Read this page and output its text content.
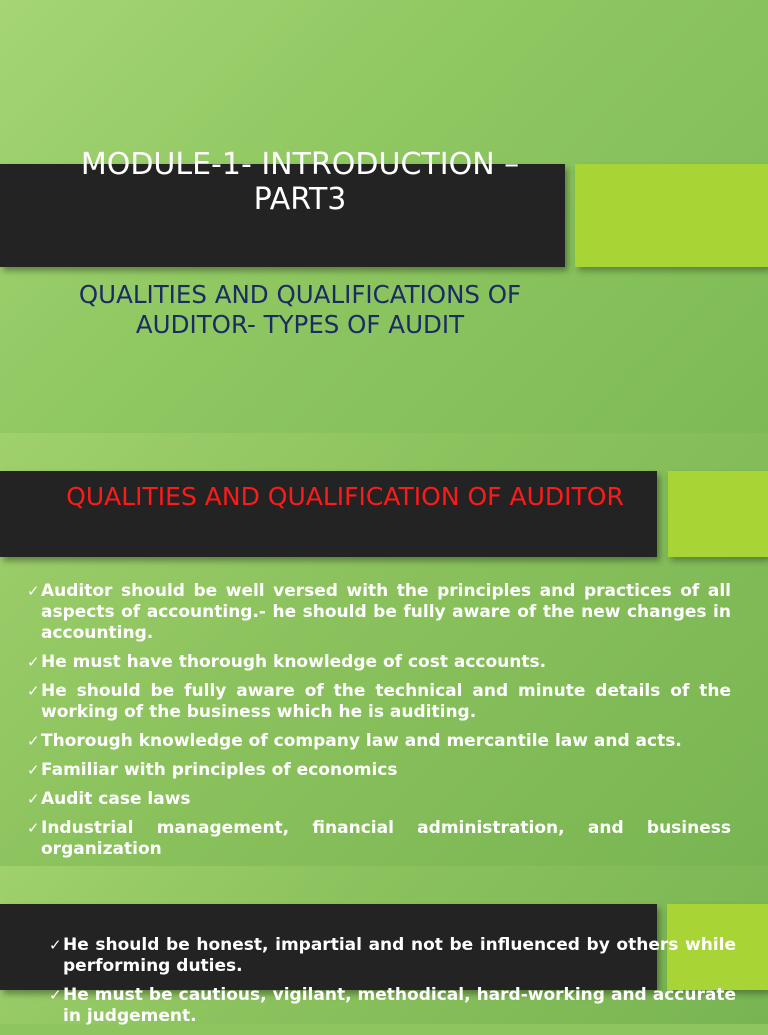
MODULE-1- INTRODUCTION – PART3
QUALITIES AND QUALIFICATIONS OF AUDITOR- TYPES OF AUDIT
QUALITIES AND QUALIFICATION OF AUDITOR
✓ Auditor should be well versed with the principles and practices of all aspects of accounting.- he should be fully aware of the new changes in accounting.
✓ He must have thorough knowledge of cost accounts.
✓ He should be fully aware of the technical and minute details of the working of the business which he is auditing.
✓ Thorough knowledge of company law and mercantile law and acts.
✓ Familiar with principles of economics
✓ Audit case laws
✓ Industrial management, financial administration, and business organization
✓ He should be honest, impartial and not be influenced by others while performing duties.
✓ He must be cautious, vigilant, methodical, hard-working and accurate in judgement.
